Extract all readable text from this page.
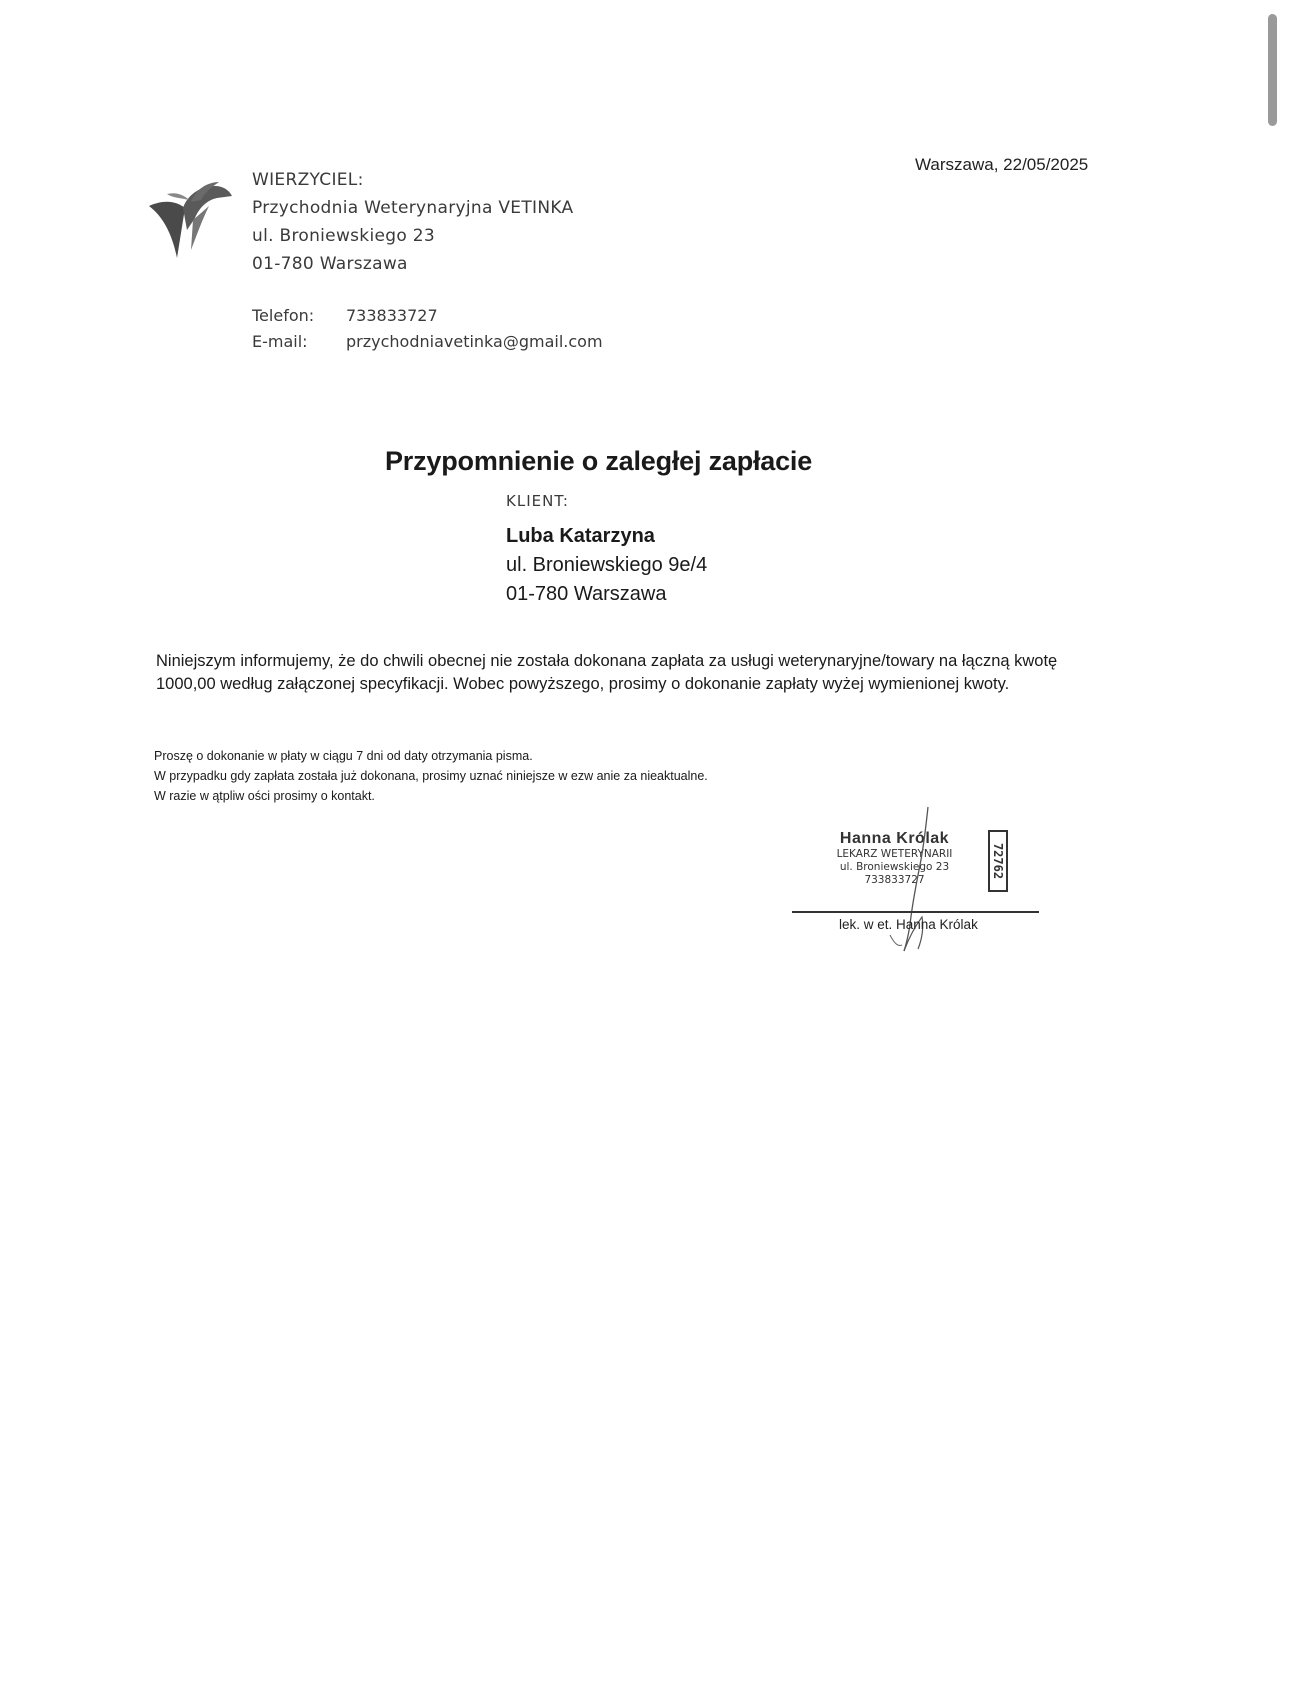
WIERZYCIEL:
Przychodnia Weterynaryjna VETINKA
ul. Broniewskiego 23
01-780 Warszawa
Telefon:	733833727
E-mail:	przychodniavetinka@gmail.com
Warszawa, 22/05/2025
Przypomnienie o zaległej zapłacie
KLIENT:
Luba Katarzyna
ul. Broniewskiego 9e/4
01-780 Warszawa
Niniejszym informujemy, że do chwili obecnej nie została dokonana zapłata za usługi weterynaryjne/towary na łączną kwotę 1000,00 według załączonej specyfikacji. Wobec powyższego, prosimy o dokonanie zapłaty wyżej wymienionej kwoty.
Proszę o dokonanie w płaty w ciągu 7 dni od daty otrzymania pisma.
W przypadku gdy zapłata została już dokonana, prosimy uznać niniejsze w ezw anie za nieaktualne.
W razie w ątpliw ości prosimy o kontakt.
Hanna Królak
LEKARZ WETERYNARII
ul. Broniewskiego 23
733833727
72762
lek. w et. Hanna Królak
